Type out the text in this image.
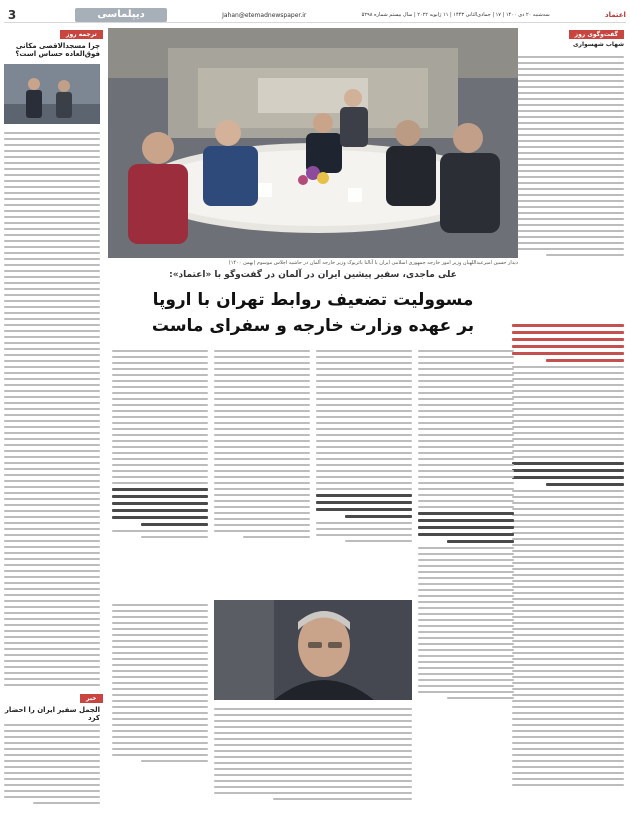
3	دیپلماسی	Jahan@etemadnewspaper.ir	سه‌شنبه ۲۰ دی ۱۴۰۰ | ۱۷ | جمادی‌الثانی ۱۴۴۳ | ۱۱ ژانویه ۲۰۲۲ | سال بیستم شماره ۵۲۹۸	اعتماد
گفت‌وگوی روز
شهاب شهسواری
دیدار حسین امیرعبداللهیان وزیر امور خارجه جمهوری اسلامی ایران با آنالنا بائربوک وزیر خارجه آلمان در حاشیه اجلاس موسوم (بهمن ۱۴۰۰)
علی ماجدی، سفیر پیشین ایران در آلمان در گفت‌وگو با «اعتماد»:
مسوولیت تضعیف روابط تهران با اروپا
بر عهده وزارت خارجه و سفرای ماست
ترجمه روز
چرا مسجدالاقصی مکانی فوق‌العاده حساس است؟
خبر
الجمل سفیر ایران را احضار کرد
